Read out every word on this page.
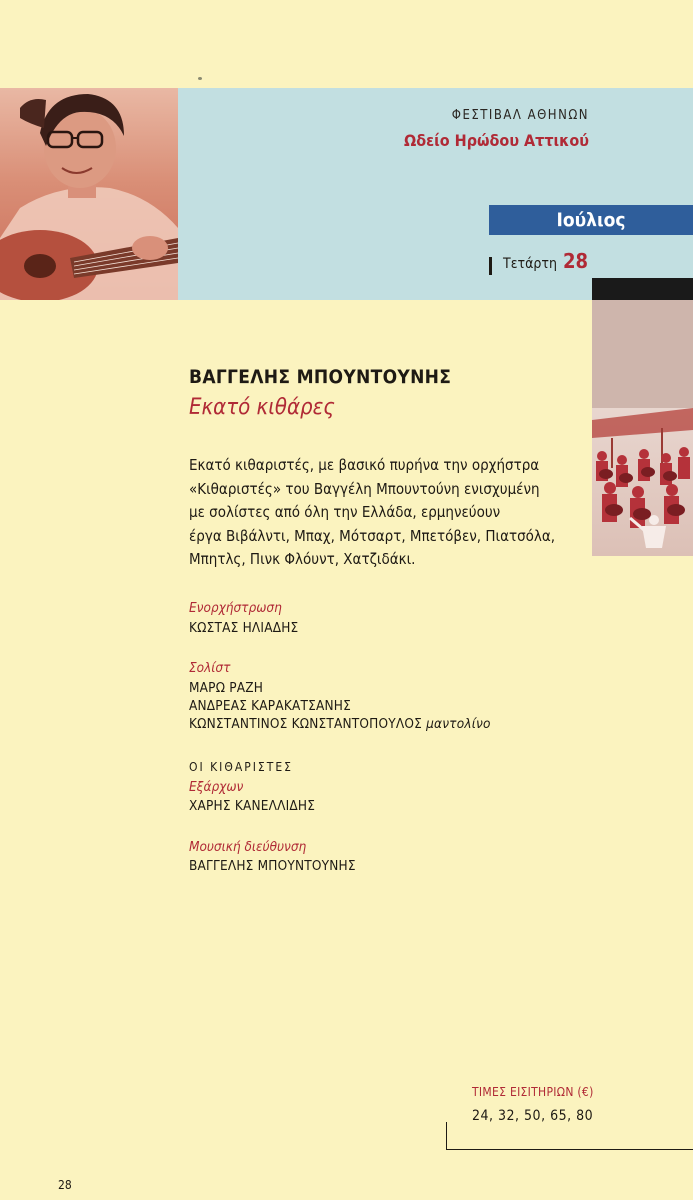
ΦΕΣΤΙΒΑΛ ΑΘΗΝΩΝ
Ωδείο Ηρώδου Αττικού
Ιούλιος
Τετάρτη 28
ΒΑΓΓΕΛΗΣ ΜΠΟΥΝΤΟΥΝΗΣ
Εκατό κιθάρες
Εκατό κιθαριστές, με βασικό πυρήνα την ορχήστρα
«Κιθαριστές» του Βαγγέλη Μπουντούνη ενισχυμένη
με σολίστες από όλη την Ελλάδα, ερμηνεύουν
έργα Βιβάλντι, Μπαχ, Μότσαρτ, Μπετόβεν, Πιατσόλα,
Μπητλς, Πινκ Φλόυντ, Χατζιδάκι.
Ενορχήστρωση
ΚΩΣΤΑΣ ΗΛΙΑΔΗΣ
Σολίστ
ΜΑΡΩ ΡΑΖΗ
ΑΝΔΡΕΑΣ ΚΑΡΑΚΑΤΣΑΝΗΣ
ΚΩΝΣΤΑΝΤΙΝΟΣ ΚΩΝΣΤΑΝΤΟΠΟΥΛΟΣ μαντολίνο
ΟΙ ΚΙΘΑΡΙΣΤΕΣ
Εξάρχων
ΧΑΡΗΣ ΚΑΝΕΛΛΙΔΗΣ
Μουσική διεύθυνση
ΒΑΓΓΕΛΗΣ ΜΠΟΥΝΤΟΥΝΗΣ
ΤΙΜΕΣ ΕΙΣΙΤΗΡΙΩΝ (€)
24, 32, 50, 65, 80
28
